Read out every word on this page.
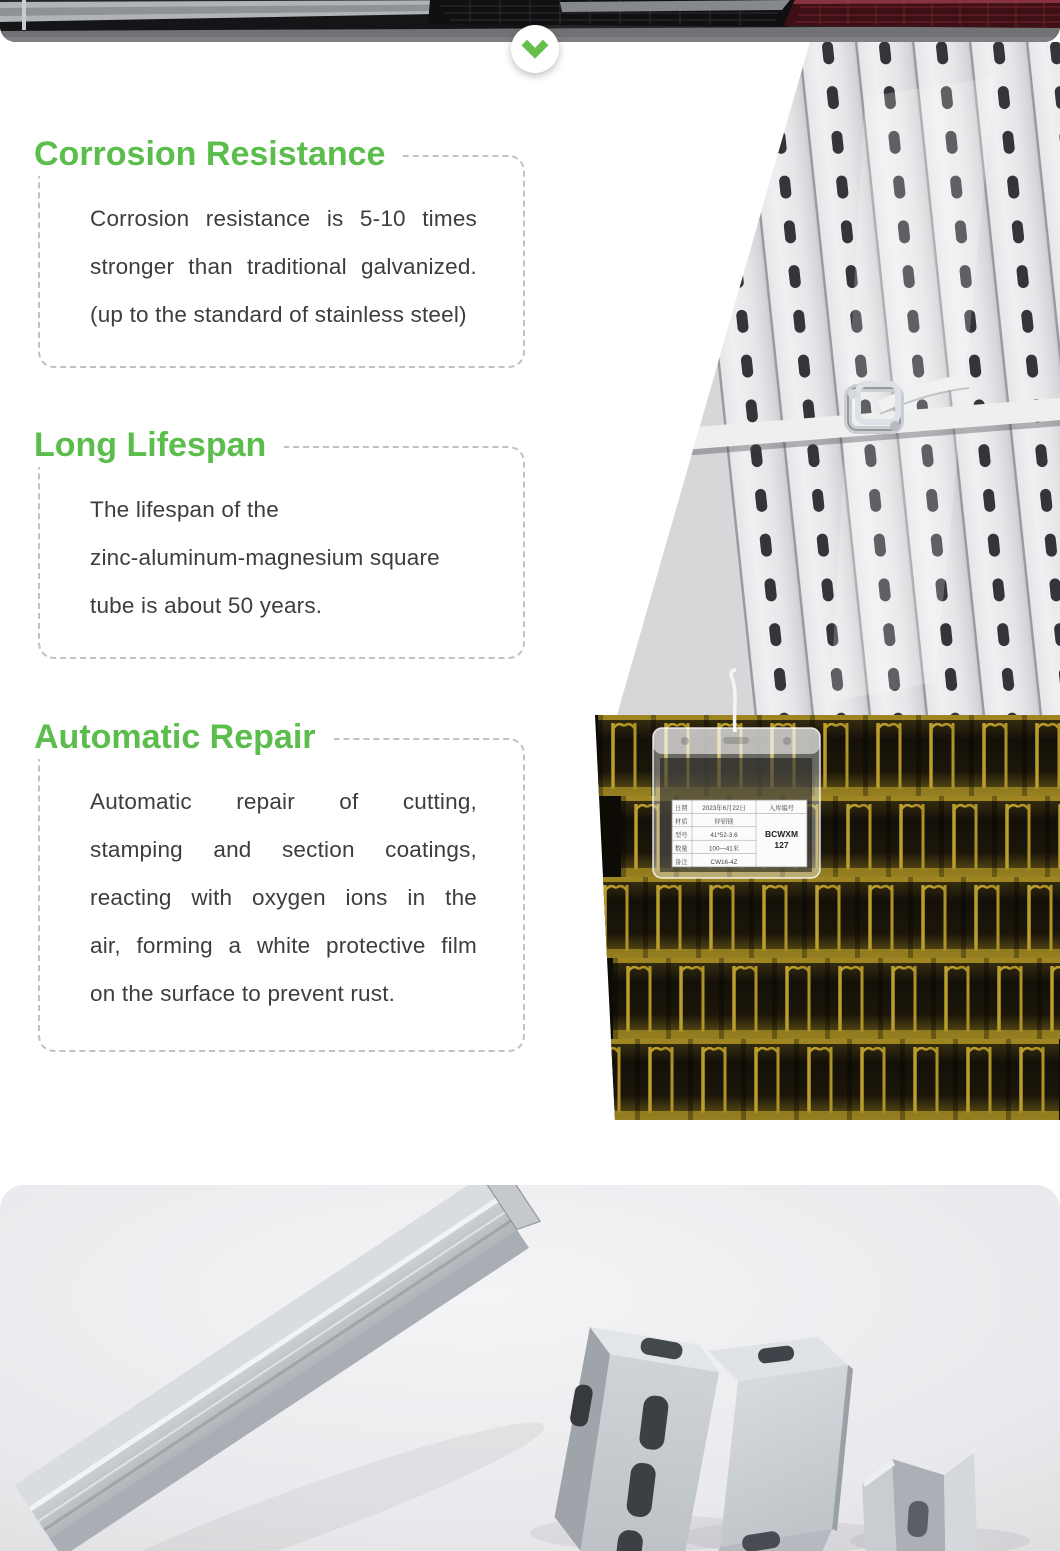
Corrosion Resistance
Corrosion resistance is 5-10 times
stronger than traditional galvanized.
(up to the standard of stainless steel)
Long Lifespan
The lifespan of the
zinc-aluminum-magnesium square
tube is about 50 years.
Automatic Repair
Automatic repair of cutting,
stamping and section coatings,
reacting with oxygen ions in the
air, forming a white protective film
on the surface to prevent rust.
日期 2023年6月22日	入库编号
材质	锌铝镁
型号	41*52-3.6
数量	100—41米
备注	CW16-4Z
BCWXM
127
